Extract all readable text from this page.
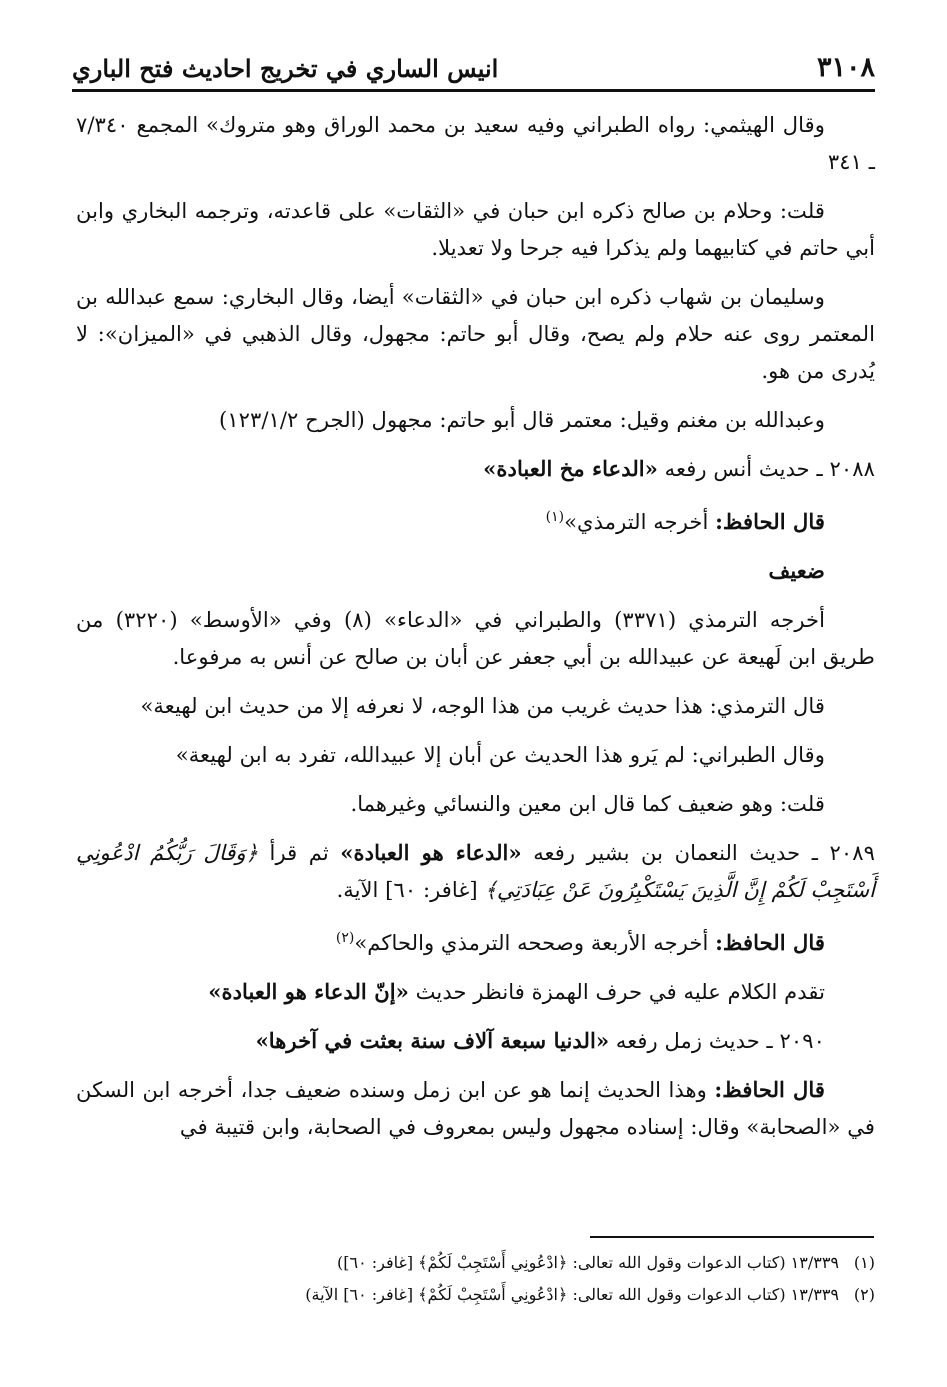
٣١٠٨
انيس الساري في تخريج احاديث فتح الباري

وقال الهيثمي: رواه الطبراني وفيه سعيد بن محمد الوراق وهو متروك» المجمع ٧/٣٤٠ ـ ٣٤١

قلت: وحلام بن صالح ذكره ابن حبان في «الثقات» على قاعدته، وترجمه البخاري وابن أبي حاتم في كتابيهما ولم يذكرا فيه جرحا ولا تعديلا.

وسليمان بن شهاب ذكره ابن حبان في «الثقات» أيضا، وقال البخاري: سمع عبدالله بن المعتمر روى عنه حلام ولم يصح، وقال أبو حاتم: مجهول، وقال الذهبي في «الميزان»: لا يُدرى من هو.

وعبدالله بن مغنم وقيل: معتمر قال أبو حاتم: مجهول (الجرح ١٢٣/١/٢)

٢٠٨٨ ـ حديث أنس رفعه «الدعاء مخ العبادة»

قال الحافظ: أخرجه الترمذي»$^{(١)}$

ضعيف

أخرجه الترمذي (٣٣٧١) والطبراني في «الدعاء» (٨) وفي «الأوسط» (٣٢٢٠) من طريق ابن لَهيعة عن عبيدالله بن أبي جعفر عن أبان بن صالح عن أنس به مرفوعا.

قال الترمذي: هذا حديث غريب من هذا الوجه، لا نعرفه إلا من حديث ابن لهيعة»

وقال الطبراني: لم يَرو هذا الحديث عن أبان إلا عبيدالله، تفرد به ابن لهيعة»

قلت: وهو ضعيف كما قال ابن معين والنسائي وغيرهما.

٢٠٨٩ ـ حديث النعمان بن بشير رفعه «الدعاء هو العبادة» ثم قرأ ﴿وَقَالَ رَبُّكُمُ ادْعُونِي أَسْتَجِبْ لَكُمْ إِنَّ الَّذِينَ يَسْتَكْبِرُونَ عَنْ عِبَادَتِي﴾ [غافر: ٦٠] الآية.

قال الحافظ: أخرجه الأربعة وصححه الترمذي والحاكم»$^{(٢)}$

تقدم الكلام عليه في حرف الهمزة فانظر حديث «إنّ الدعاء هو العبادة»

٢٠٩٠ ـ حديث زمل رفعه «الدنيا سبعة آلاف سنة بعثت في آخرها»

قال الحافظ: وهذا الحديث إنما هو عن ابن زمل وسنده ضعيف جدا، أخرجه ابن السكن في «الصحابة» وقال: إسناده مجهول وليس بمعروف في الصحابة، وابن قتيبة في

(١)١٣/٣٣٩ (كتاب الدعوات وقول الله تعالى: ﴿ادْعُونِي أَسْتَجِبْ لَكُمْ﴾ [غافر: ٦٠])

(٢)١٣/٣٣٩ (كتاب الدعوات وقول الله تعالى: ﴿ادْعُونِي أَسْتَجِبْ لَكُمْ﴾ [غافر: ٦٠] الآية)
